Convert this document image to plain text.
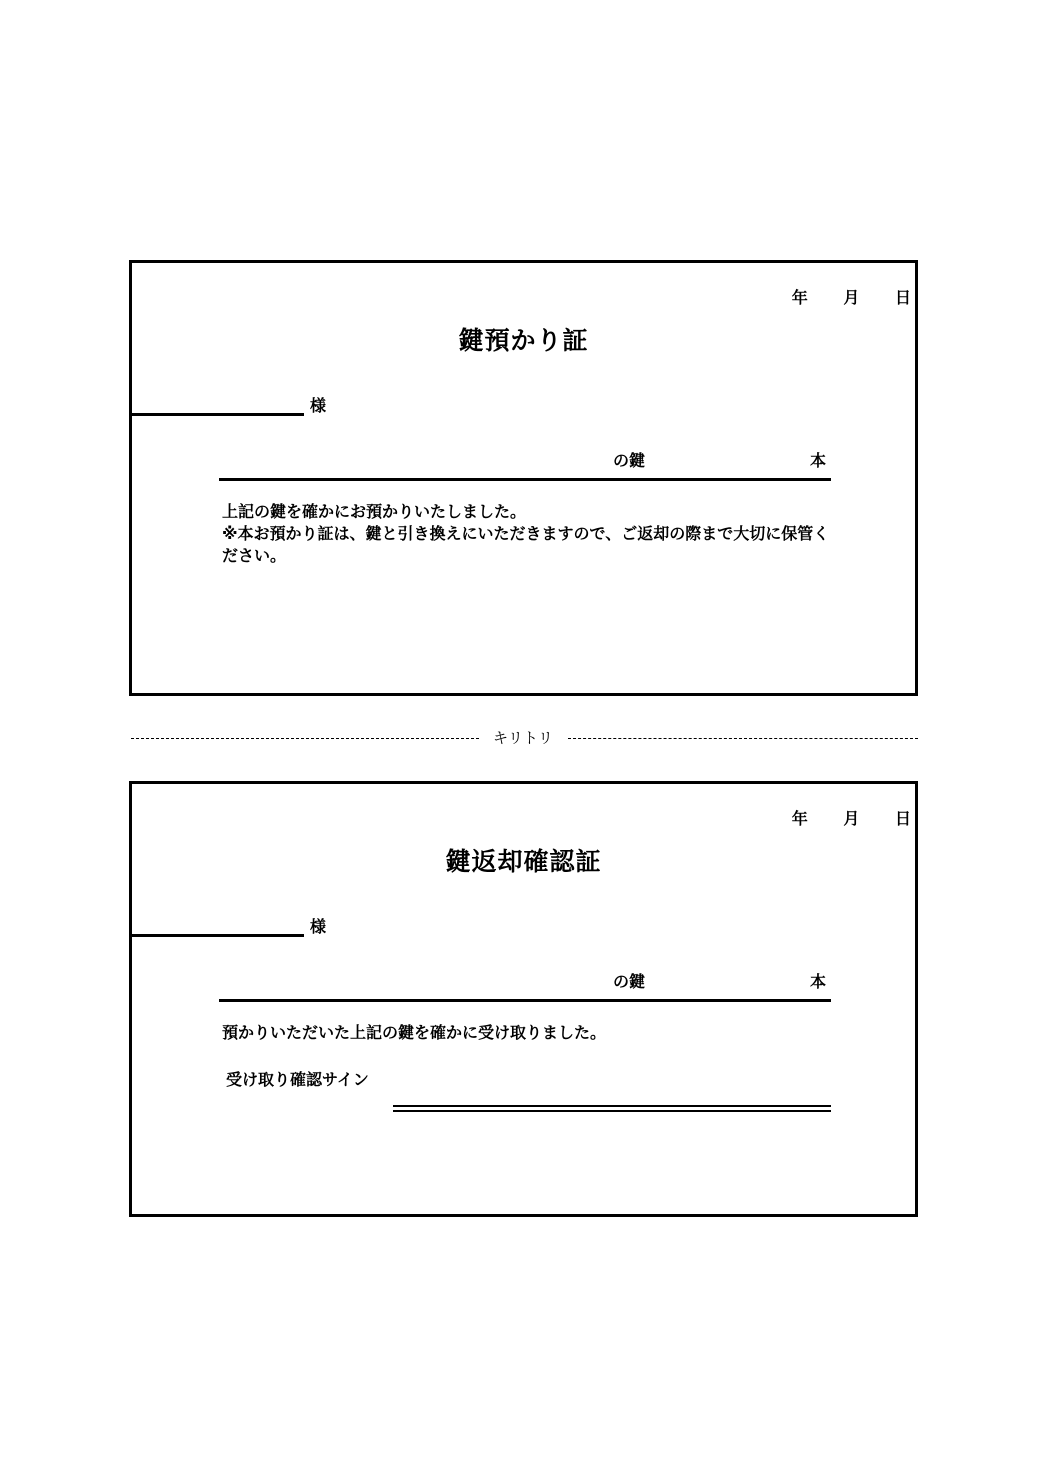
年 月 日
鍵預かり証
様
の鍵	本

上記の鍵を確かにお預かりいたしました。

※本お預かり証は、鍵と引き換えにいただきますので、ご返却の際まで大切に保管ください。

キリトリ
年 月 日
鍵返却確認証
様
の鍵	本

預かりいただいた上記の鍵を確かに受け取りました。

受け取り確認サイン
